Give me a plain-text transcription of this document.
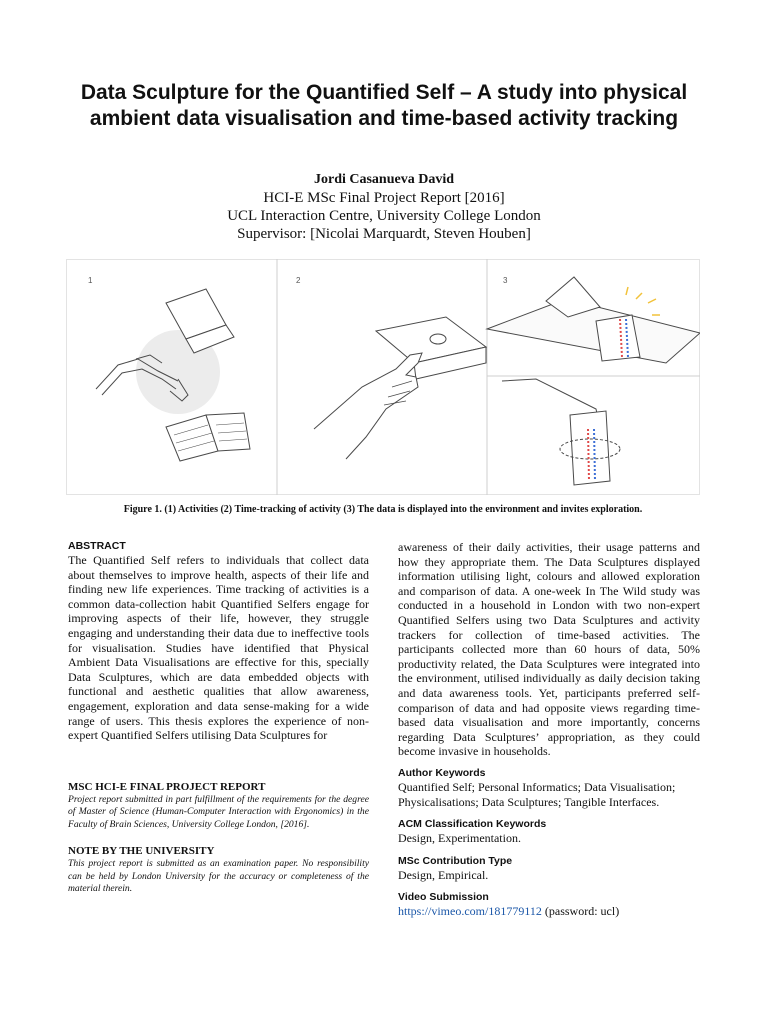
Data Sculpture for the Quantified Self – A study into physical ambient data visualisation and time-based activity tracking
Jordi Casanueva David
HCI-E MSc Final Project Report [2016]
UCL Interaction Centre, University College London
Supervisor: [Nicolai Marquardt, Steven Houben]
1	2	3
Figure 1. (1) Activities (2) Time-tracking of activity (3) The data is displayed into the environment and invites exploration.

ABSTRACT

The Quantified Self refers to individuals that collect data about themselves to improve health, aspects of their life and finding new life experiences. Time tracking of activities is a common data-collection habit Quantified Selfers engage for improving aspects of their life, however, they struggle engaging and understanding their data due to ineffective tools for visualisation. Studies have identified that Physical Ambient Data Visualisations are effective for this, specially Data Sculptures, which are data embedded objects with functional and aesthetic qualities that allow awareness, engagement, exploration and data sense-making for a wide range of users. This thesis explores the experience of non-expert Quantified Selfers utilising Data Sculptures for

MSC HCI-E FINAL PROJECT REPORT

Project report submitted in part fulfillment of the requirements for the degree of Master of Science (Human-Computer Interaction with Ergonomics) in the Faculty of Brain Sciences, University College London, [2016].

NOTE BY THE UNIVERSITY

This project report is submitted as an examination paper. No responsibility can be held by London University for the accuracy or completeness of the material therein.

awareness of their daily activities, their usage patterns and how they appropriate them. The Data Sculptures displayed information utilising light, colours and allowed exploration and comparison of data. A one-week In The Wild study was conducted in a household in London with two non-expert Quantified Selfers using two Data Sculptures and activity trackers for collection of time-based activities. The participants collected more than 60 hours of data, 50% productivity related, the Data Sculptures were integrated into the environment, utilised individually as daily decision taking and data awareness tools. Yet, participants preferred self-comparison of data and had opposite views regarding time-based data visualisation and more importantly, concerns regarding Data Sculptures’ appropriation, as they could become invasive in households.

Author Keywords

Quantified Self; Personal Informatics; Data Visualisation; Physicalisations; Data Sculptures; Tangible Interfaces.

ACM Classification Keywords

Design, Experimentation.

MSc Contribution Type

Design, Empirical.

Video Submission

https://vimeo.com/181779112 (password: ucl)
